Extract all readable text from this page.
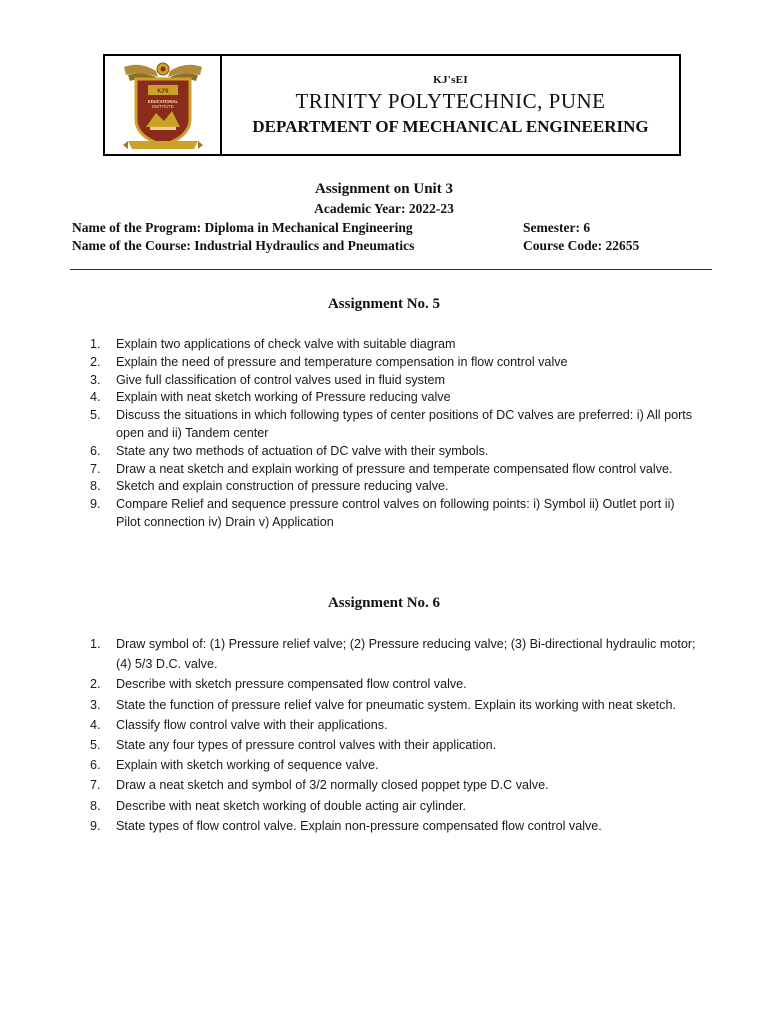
KJ'S
EDUCATIONAL
INSTITUTE
KJ'sEI
TRINITY POLYTECHNIC, PUNE
DEPARTMENT OF MECHANICAL ENGINEERING
Assignment on Unit 3
Academic Year: 2022-23
Name of the Program: Diploma in Mechanical Engineering	Semester: 6
Name of the Course: Industrial Hydraulics and Pneumatics	Course Code: 22655
Assignment No. 5
1. Explain two applications of check valve with suitable diagram
2. Explain the need of pressure and temperature compensation in flow control valve
3. Give full classification of control valves used in fluid system
4. Explain with neat sketch working of Pressure reducing valve
5. Discuss the situations in which following types of center positions of DC valves are preferred: i) All ports open and ii) Tandem center
6. State any two methods of actuation of DC valve with their symbols.
7. Draw a neat sketch and explain working of pressure and temperate compensated flow control valve.
8. Sketch and explain construction of pressure reducing valve.
9. Compare Relief and sequence pressure control valves on following points: i) Symbol ii) Outlet port ii) Pilot connection iv) Drain v) Application
Assignment No. 6
1. Draw symbol of: (1) Pressure relief valve; (2) Pressure reducing valve; (3) Bi-directional hydraulic motor; (4) 5/3 D.C. valve.
2. Describe with sketch pressure compensated flow control valve.
3. State the function of pressure relief valve for pneumatic system. Explain its working with neat sketch.
4. Classify flow control valve with their applications.
5. State any four types of pressure control valves with their application.
6. Explain with sketch working of sequence valve.
7. Draw a neat sketch and symbol of 3/2 normally closed poppet type D.C valve.
8. Describe with neat sketch working of double acting air cylinder.
9. State types of flow control valve. Explain non-pressure compensated flow control valve.
